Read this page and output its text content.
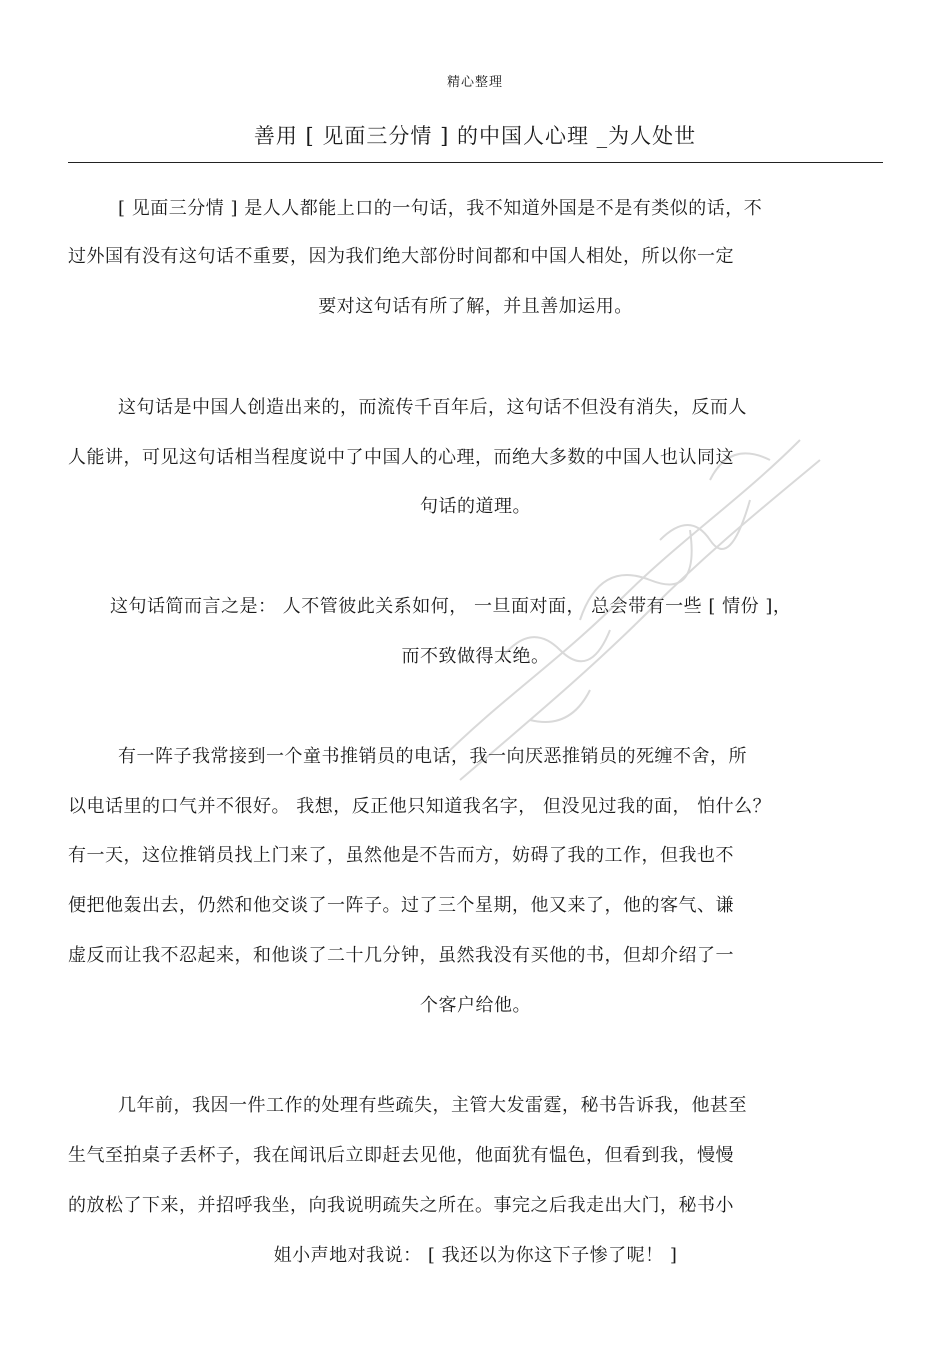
精心整理
善用 [ 见面三分情 ] 的中国人心理 _为人处世
[ 见面三分情 ] 是人人都能上口的一句话，我不知道外国是不是有类似的话，不
过外国有没有这句话不重要，因为我们绝大部份时间都和中国人相处，所以你一定
要对这句话有所了解，并且善加运用。
这句话是中国人创造出来的，而流传千百年后，这句话不但没有消失，反而人
人能讲，可见这句话相当程度说中了中国人的心理，而绝大多数的中国人也认同这
句话的道理。
这句话简而言之是： 人不管彼此关系如何， 一旦面对面， 总会带有一些 [ 情份 ]，
而不致做得太绝。
有一阵子我常接到一个童书推销员的电话，我一向厌恶推销员的死缠不舍，所
以电话里的口气并不很好。 我想，反正他只知道我名字， 但没见过我的面， 怕什么？
有一天，这位推销员找上门来了，虽然他是不告而方，妨碍了我的工作，但我也不
便把他轰出去，仍然和他交谈了一阵子。过了三个星期，他又来了，他的客气、谦
虚反而让我不忍起来，和他谈了二十几分钟，虽然我没有买他的书，但却介绍了一
个客户给他。
几年前，我因一件工作的处理有些疏失，主管大发雷霆，秘书告诉我，他甚至
生气至拍桌子丢杯子，我在闻讯后立即赶去见他，他面犹有愠色，但看到我，慢慢
的放松了下来，并招呼我坐，向我说明疏失之所在。事完之后我走出大门，秘书小
姐小声地对我说： [ 我还以为你这下子惨了呢！ ]
